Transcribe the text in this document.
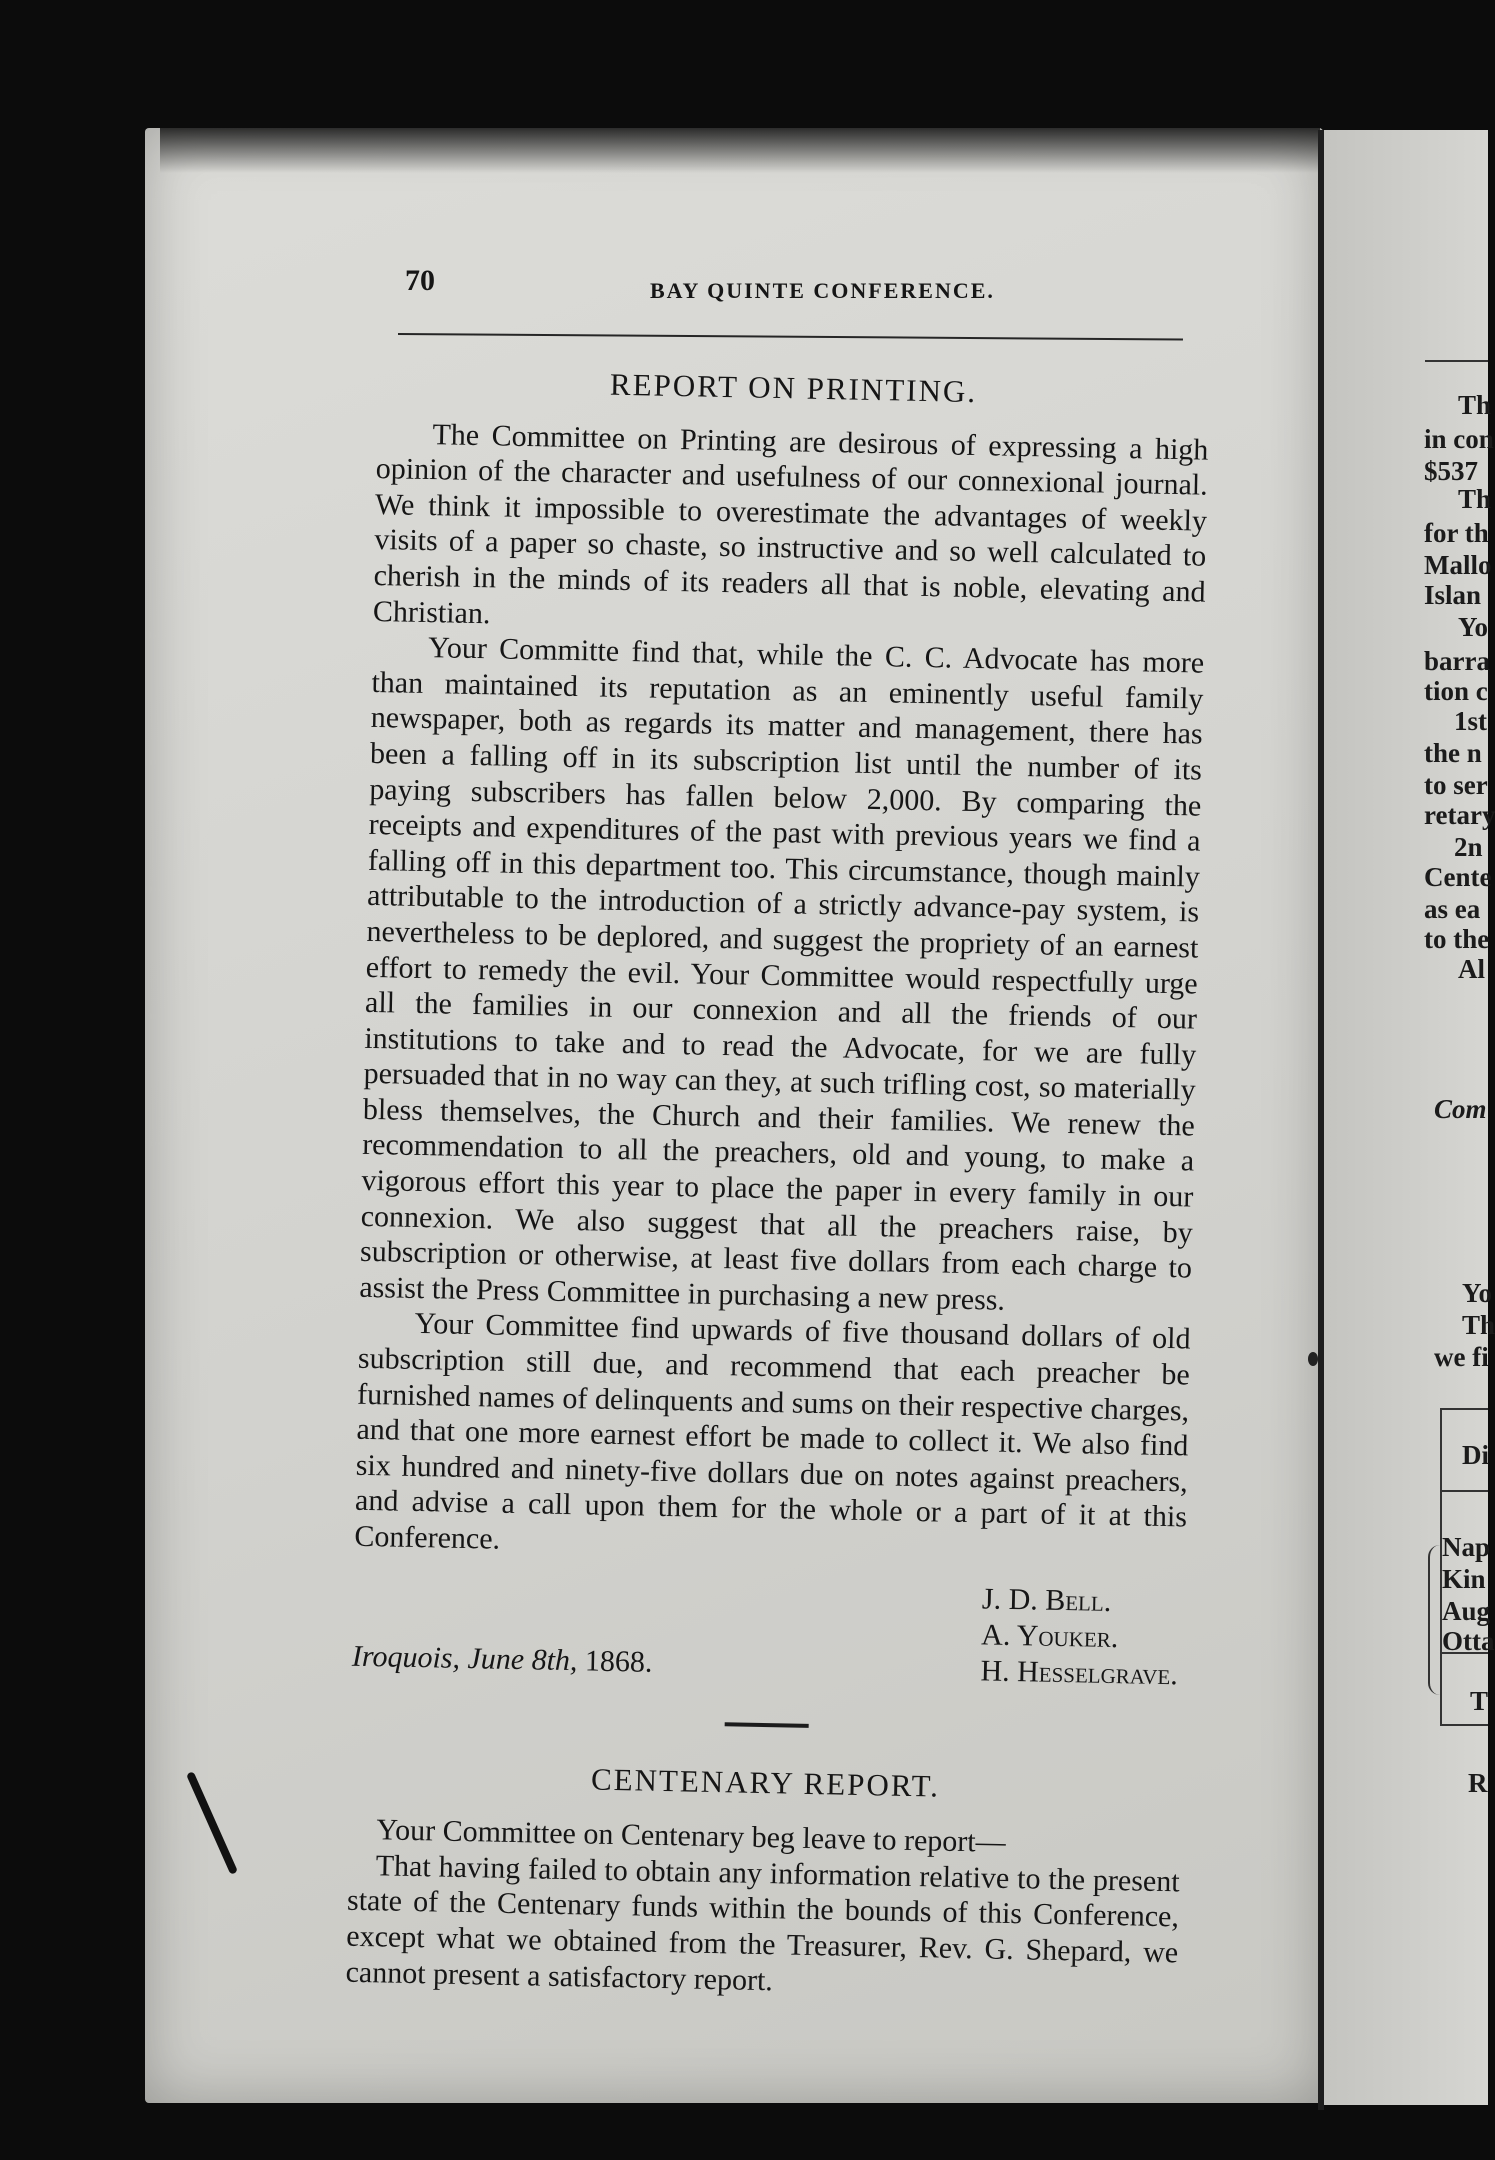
70	BAY QUINTE CONFERENCE.
REPORT ON PRINTING.

The Committee on Printing are desirous of expressing a high opinion of the character and usefulness of our connexional journal. We think it impossible to overestimate the advantages of weekly visits of a paper so chaste, so instructive and so well calculated to cherish in the minds of its readers all that is noble, elevating and Christian.

Your Committe find that, while the C. C. Advocate has more than maintained its reputation as an eminently useful family newspaper, both as regards its matter and management, there has been a falling off in its subscription list until the number of its paying subscribers has fallen below 2,000. By comparing the receipts and expenditures of the past with previous years we find a falling off in this department too. This circumstance, though mainly attributable to the introduction of a strictly advance-pay system, is nevertheless to be deplored, and suggest the propriety of an earnest effort to remedy the evil. Your Committee would respectfully urge all the families in our connexion and all the friends of our institutions to take and to read the Advocate, for we are fully persuaded that in no way can they, at such trifling cost, so materially bless themselves, the Church and their families. We renew the recommendation to all the preachers, old and young, to make a vigorous effort this year to place the paper in every family in our connexion. We also suggest that all the preachers raise, by subscription or otherwise, at least five dollars from each charge to assist the Press Committee in purchasing a new press.

Your Committee find upwards of five thousand dollars of old subscription still due, and recommend that each preacher be furnished names of delinquents and sums on their respective charges, and that one more earnest effort be made to collect it. We also find six hundred and ninety-five dollars due on notes against preachers, and advise a call upon them for the whole or a part of it at this Conference.

Iroquois, June 8th, 1868.
J. D. Bell.
A. Youker.
H. Hesselgrave.
CENTENARY REPORT.

Your Committee on Centenary beg leave to report—

That having failed to obtain any information relative to the present state of the Centenary funds within the bounds of this Conference, except what we obtained from the Treasurer, Rev. G. Shepard, we cannot present a satisfactory report.

Th
in con
$537
Th
for th
Mallo
Islan
Yo
barra
tion c
1st
the n
to ser
retary
2n
Cente
as ea
to the
Al
Com
Yo
Th
we fi
Di
Nap
Kin
Aug
Otta
T
R
